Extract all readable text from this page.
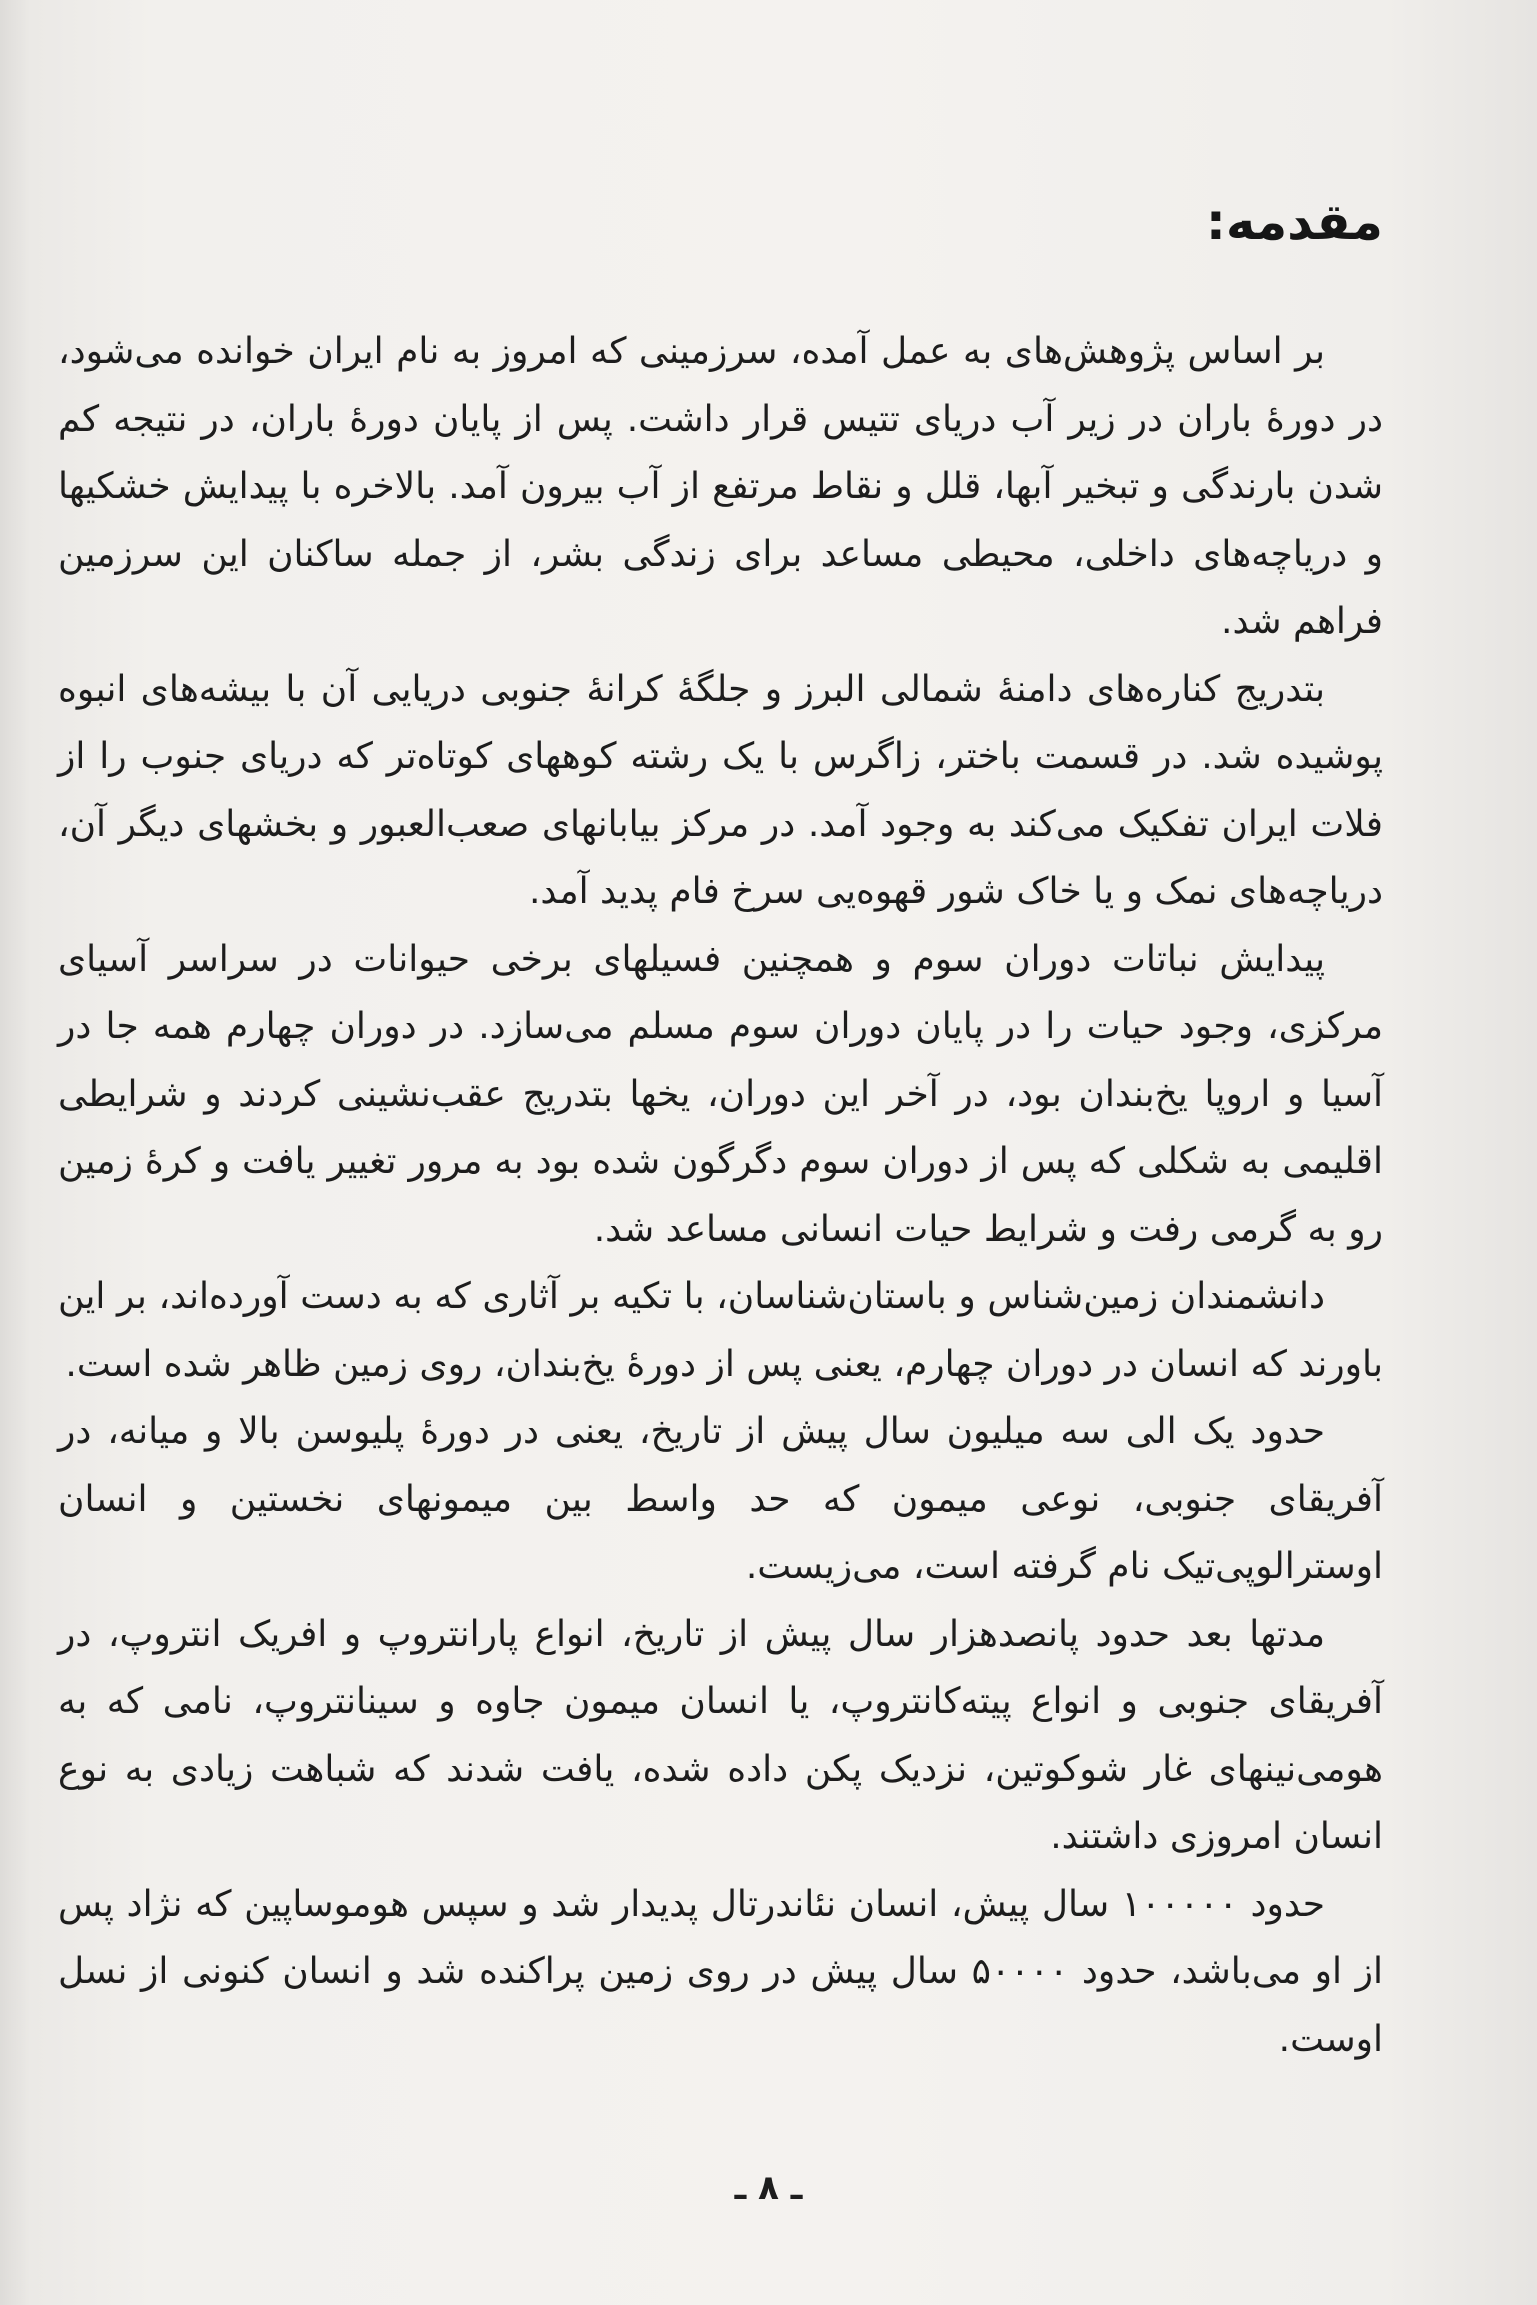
مقدمه:

بر اساس پژوهش‌های به عمل آمده، سرزمینی که امروز به نام ایران خوانده می‌شود، در دورهٔ باران در زیر آب دریای تتیس قرار داشت. پس از پایان دورهٔ باران، در نتیجه کم شدن بارندگی و تبخیر آبها، قلل و نقاط مرتفع از آب بیرون آمد. بالاخره با پیدایش خشکیها و دریاچه‌های داخلی، محیطی مساعد برای زندگی بشر، از جمله ساکنان این سرزمین فراهم شد.

بتدریج کناره‌های دامنهٔ شمالی البرز و جلگهٔ کرانهٔ جنوبی دریایی آن با بیشه‌های انبوه پوشیده شد. در قسمت باختر، زاگرس با یک رشته کوههای کوتاه‌تر که دریای جنوب را از فلات ایران تفکیک می‌کند به وجود آمد. در مرکز بیابانهای صعب‌العبور و بخشهای دیگر آن، دریاچه‌های نمک و یا خاک شور قهوه‌یی سرخ فام پدید آمد.

پیدایش نباتات دوران سوم و همچنین فسیلهای برخی حیوانات در سراسر آسیای مرکزی، وجود حیات را در پایان دوران سوم مسلم می‌سازد. در دوران چهارم همه جا در آسیا و اروپا یخ‌بندان بود، در آخر این دوران، یخها بتدریج عقب‌نشینی کردند و شرایطی اقلیمی به شکلی که پس از دوران سوم دگرگون شده بود به مرور تغییر یافت و کرهٔ زمین رو به گرمی رفت و شرایط حیات انسانی مساعد شد.

دانشمندان زمین‌شناس و باستان‌شناسان، با تکیه بر آثاری که به دست آورده‌اند، بر این باورند که انسان در دوران چهارم، یعنی پس از دورهٔ یخ‌بندان، روی زمین ظاهر شده است.

حدود یک الی سه میلیون سال پیش از تاریخ، یعنی در دورهٔ پلیوسن بالا و میانه، در آفریقای جنوبی، نوعی میمون که حد واسط بین میمونهای نخستین و انسان اوسترالوپی‌تیک نام گرفته است، می‌زیست.

مدتها بعد حدود پانصدهزار سال پیش از تاریخ، انواع پارانتروپ و افریک انتروپ، در آفریقای جنوبی و انواع پیته‌کانتروپ، یا انسان میمون جاوه و سینانتروپ، نامی که به هومی‌نینهای غار شوکوتین، نزدیک پکن داده شده، یافت شدند که شباهت زیادی به نوع انسان امروزی داشتند.

حدود ۱۰۰۰۰۰ سال پیش، انسان نئاندرتال پدیدار شد و سپس هوموساپین که نژاد پس از او می‌باشد، حدود ۵۰۰۰۰ سال پیش در روی زمین پراکنده شد و انسان کنونی از نسل اوست.

ـ ۸ ـ
